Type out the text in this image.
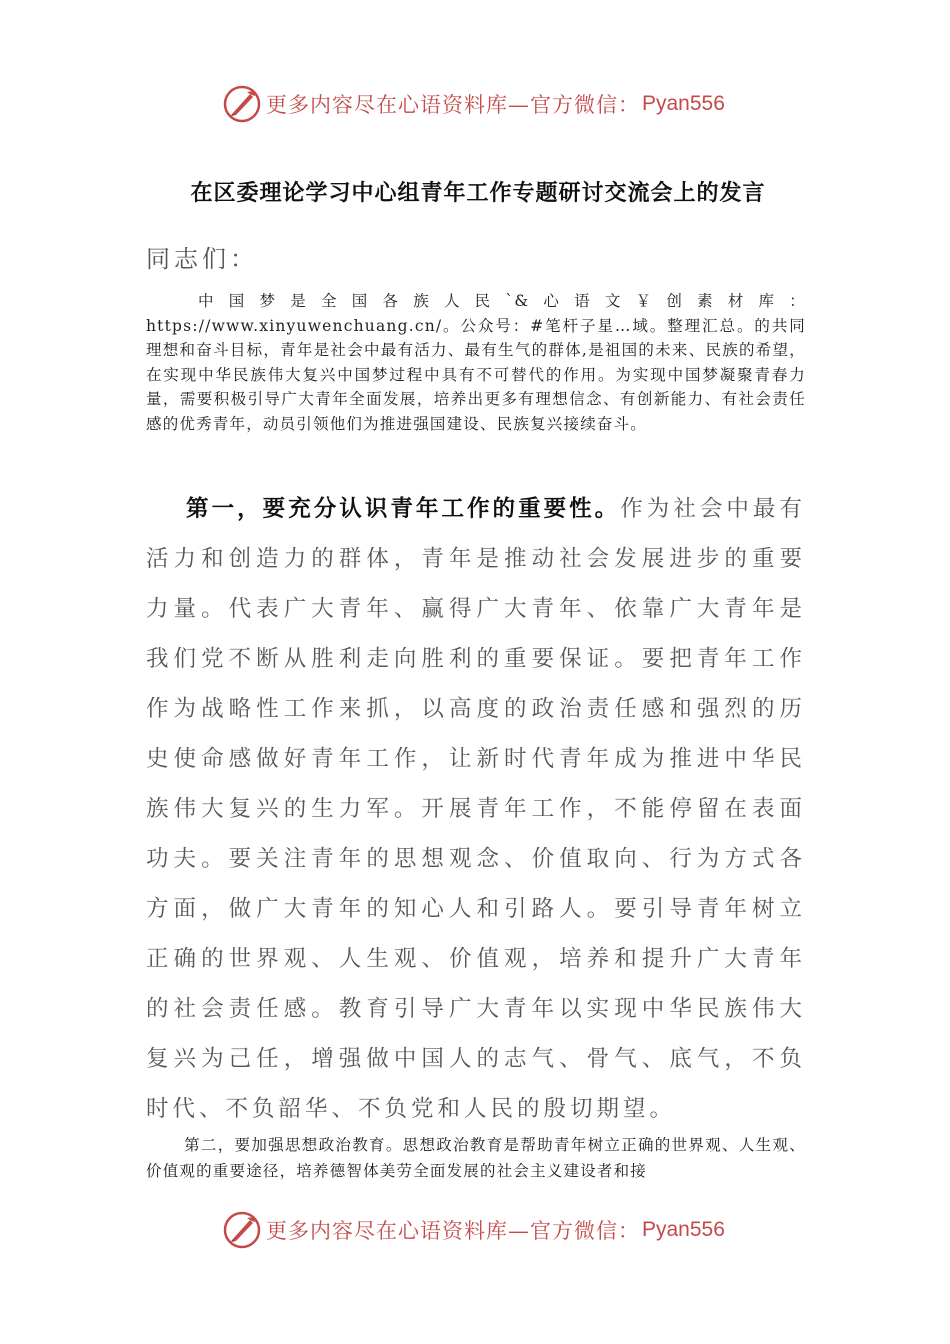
更多内容尽在心语资料库—官方微信： Pyan556
在区委理论学习中心组青年工作专题研讨交流会上的发言
同志们：
中国梦是全国各族人民`&心语文￥创素材库：https://www.xinyuwenchuang.cn/。公众号：#笔杆子星…域。整理汇总。的共同理想和奋斗目标，青年是社会中最有活力、最有生气的群体,是祖国的未来、民族的希望，在实现中华民族伟大复兴中国梦过程中具有不可替代的作用。为实现中国梦凝聚青春力量，需要积极引导广大青年全面发展，培养出更多有理想信念、有创新能力、有社会责任感的优秀青年，动员引领他们为推进强国建设、民族复兴接续奋斗。
第一，要充分认识青年工作的重要性。作为社会中最有活力和创造力的群体，青年是推动社会发展进步的重要力量。代表广大青年、赢得广大青年、依靠广大青年是我们党不断从胜利走向胜利的重要保证。要把青年工作作为战略性工作来抓，以高度的政治责任感和强烈的历史使命感做好青年工作，让新时代青年成为推进中华民族伟大复兴的生力军。开展青年工作，不能停留在表面功夫。要关注青年的思想观念、价值取向、行为方式各方面，做广大青年的知心人和引路人。要引导青年树立正确的世界观、人生观、价值观，培养和提升广大青年的社会责任感。教育引导广大青年以实现中华民族伟大复兴为己任，增强做中国人的志气、骨气、底气，不负时代、不负韶华、不负党和人民的殷切期望。
第二，要加强思想政治教育。思想政治教育是帮助青年树立正确的世界观、人生观、价值观的重要途径，培养德智体美劳全面发展的社会主义建设者和接
更多内容尽在心语资料库—官方微信： Pyan556
